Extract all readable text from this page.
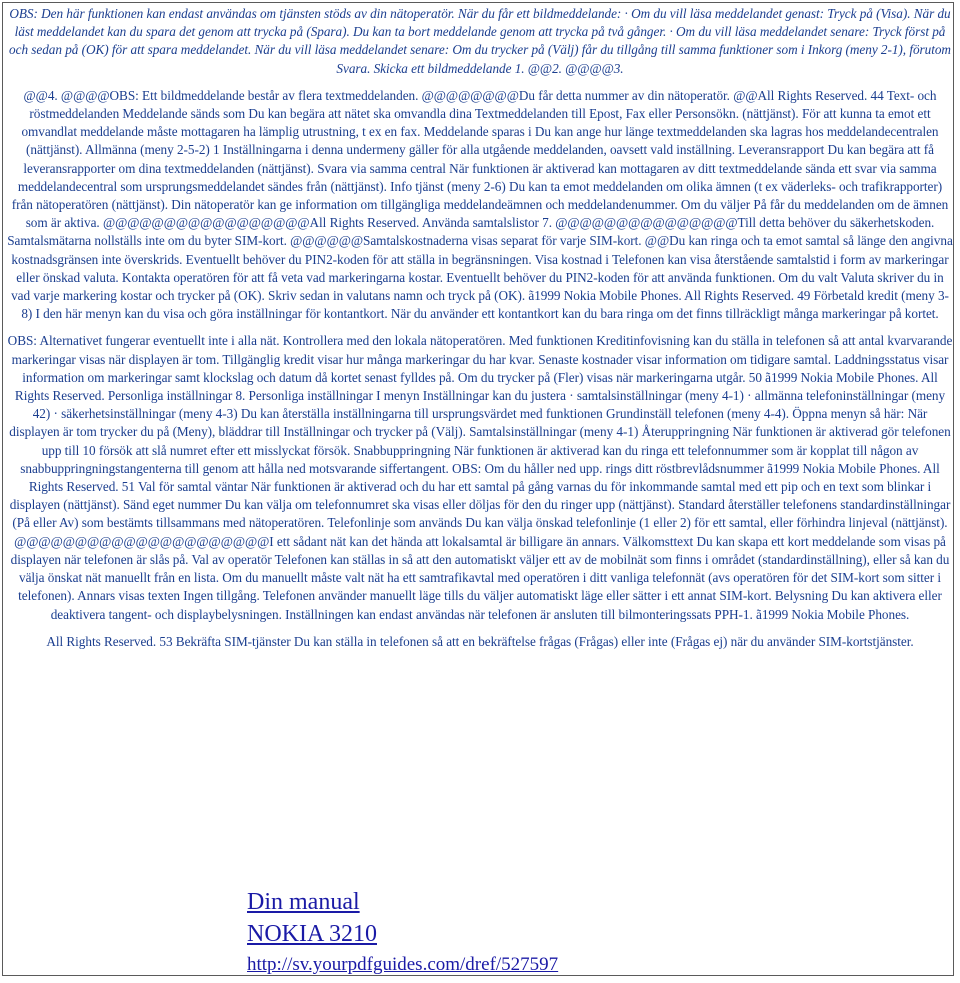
OBS: Den här funktionen kan endast användas om tjänsten stöds av din nätoperatör. När du får ett bildmeddelande: · Om du vill läsa meddelandet genast: Tryck på (Visa). När du läst meddelandet kan du spara det genom att trycka på (Spara). Du kan ta bort meddelande genom att trycka på två gånger. · Om du vill läsa meddelandet senare: Tryck först på och sedan på (OK) för att spara meddelandet. När du vill läsa meddelandet senare: Om du trycker på (Välj) får du tillgång till samma funktioner som i Inkorg (meny 2-1), förutom Svara. Skicka ett bildmeddelande 1. @@2. @@@@3.

@@4. @@@@OBS: Ett bildmeddelande består av flera textmeddelanden. @@@@@@@@Du får detta nummer av din nätoperatör. @@All Rights Reserved. 44 Text- och röstmeddelanden Meddelande sänds som Du kan begära att nätet ska omvandla dina Textmeddelanden till Epost, Fax eller Personsökn. (nättjänst). För att kunna ta emot ett omvandlat meddelande måste mottagaren ha lämplig utrustning, t ex en fax. Meddelande sparas i Du kan ange hur länge textmeddelanden ska lagras hos meddelandecentralen (nättjänst). Allmänna (meny 2-5-2) 1 Inställningarna i denna undermeny gäller för alla utgående meddelanden, oavsett vald inställning. Leveransrapport Du kan begära att få leveransrapporter om dina textmeddelanden (nättjänst). Svara via samma central När funktionen är aktiverad kan mottagaren av ditt textmeddelande sända ett svar via samma meddelandecentral som ursprungsmeddelandet sändes från (nättjänst). Info tjänst (meny 2-6) Du kan ta emot meddelanden om olika ämnen (t ex väderleks- och trafikrapporter) från nätoperatören (nättjänst). Din nätoperatör kan ge information om tillgängliga meddelandeämnen och meddelandenummer. Om du väljer På får du meddelanden om de ämnen som är aktiva. @@@@@@@@@@@@@@@@@All Rights Reserved. Använda samtalslistor 7. @@@@@@@@@@@@@@@Till detta behöver du säkerhetskoden. Samtalsmätarna nollställs inte om du byter SIM-kort. @@@@@@Samtalskostnaderna visas separat för varje SIM-kort. @@Du kan ringa och ta emot samtal så länge den angivna kostnadsgränsen inte överskrids. Eventuellt behöver du PIN2-koden för att ställa in begränsningen. Visa kostnad i Telefonen kan visa återstående samtalstid i form av markeringar eller önskad valuta. Kontakta operatören för att få veta vad markeringarna kostar. Eventuellt behöver du PIN2-koden för att använda funktionen. Om du valt Valuta skriver du in vad varje markering kostar och trycker på (OK). Skriv sedan in valutans namn och tryck på (OK). ã1999 Nokia Mobile Phones. All Rights Reserved. 49 Förbetald kredit (meny 3-8) I den här menyn kan du visa och göra inställningar för kontantkort. När du använder ett kontantkort kan du bara ringa om det finns tillräckligt många markeringar på kortet.

OBS: Alternativet fungerar eventuellt inte i alla nät. Kontrollera med den lokala nätoperatören. Med funktionen Kreditinfovisning kan du ställa in telefonen så att antal kvarvarande markeringar visas när displayen är tom. Tillgänglig kredit visar hur många markeringar du har kvar. Senaste kostnader visar information om tidigare samtal. Laddningsstatus visar information om markeringar samt klockslag och datum då kortet senast fylldes på. Om du trycker på (Fler) visas när markeringarna utgår. 50 ã1999 Nokia Mobile Phones. All Rights Reserved. Personliga inställningar 8. Personliga inställningar I menyn Inställningar kan du justera · samtalsinställningar (meny 4-1) · allmänna telefoninställningar (meny 42) · säkerhetsinställningar (meny 4-3) Du kan återställa inställningarna till ursprungsvärdet med funktionen Grundinställ telefonen (meny 4-4). Öppna menyn så här: När displayen är tom trycker du på (Meny), bläddrar till Inställningar och trycker på (Välj). Samtalsinställningar (meny 4-1) Återuppringning När funktionen är aktiverad gör telefonen upp till 10 försök att slå numret efter ett misslyckat försök. Snabbuppringning När funktionen är aktiverad kan du ringa ett telefonnummer som är kopplat till någon av snabbuppringningstangenterna till genom att hålla ned motsvarande siffertangent. OBS: Om du håller ned upp. rings ditt röstbrevlådsnummer ã1999 Nokia Mobile Phones. All Rights Reserved. 51 Val för samtal väntar När funktionen är aktiverad och du har ett samtal på gång varnas du för inkommande samtal med ett pip och en text som blinkar i displayen (nättjänst). Sänd eget nummer Du kan välja om telefonnumret ska visas eller döljas för den du ringer upp (nättjänst). Standard återställer telefonens standardinställningar (På eller Av) som bestämts tillsammans med nätoperatören. Telefonlinje som används Du kan välja önskad telefonlinje (1 eller 2) för ett samtal, eller förhindra linjeval (nättjänst). @@@@@@@@@@@@@@@@@@@@@I ett sådant nät kan det hända att lokalsamtal är billigare än annars. Välkomsttext Du kan skapa ett kort meddelande som visas på displayen när telefonen är slås på. Val av operatör Telefonen kan ställas in så att den automatiskt väljer ett av de mobilnät som finns i området (standardinställning), eller så kan du välja önskat nät manuellt från en lista. Om du manuellt måste valt nät ha ett samtrafikavtal med operatören i ditt vanliga telefonnät (avs operatören för det SIM-kort som sitter i telefonen). Annars visas texten Ingen tillgång. Telefonen använder manuellt läge tills du väljer automatiskt läge eller sätter i ett annat SIM-kort. Belysning Du kan aktivera eller deaktivera tangent- och displaybelysningen. Inställningen kan endast användas när telefonen är ansluten till bilmonteringssats PPH-1. ã1999 Nokia Mobile Phones.

All Rights Reserved. 53 Bekräfta SIM-tjänster Du kan ställa in telefonen så att en bekräftelse frågas (Frågas) eller inte (Frågas ej) när du använder SIM-kortstjänster.

Din manual
NOKIA 3210
http://sv.yourpdfguides.com/dref/527597
